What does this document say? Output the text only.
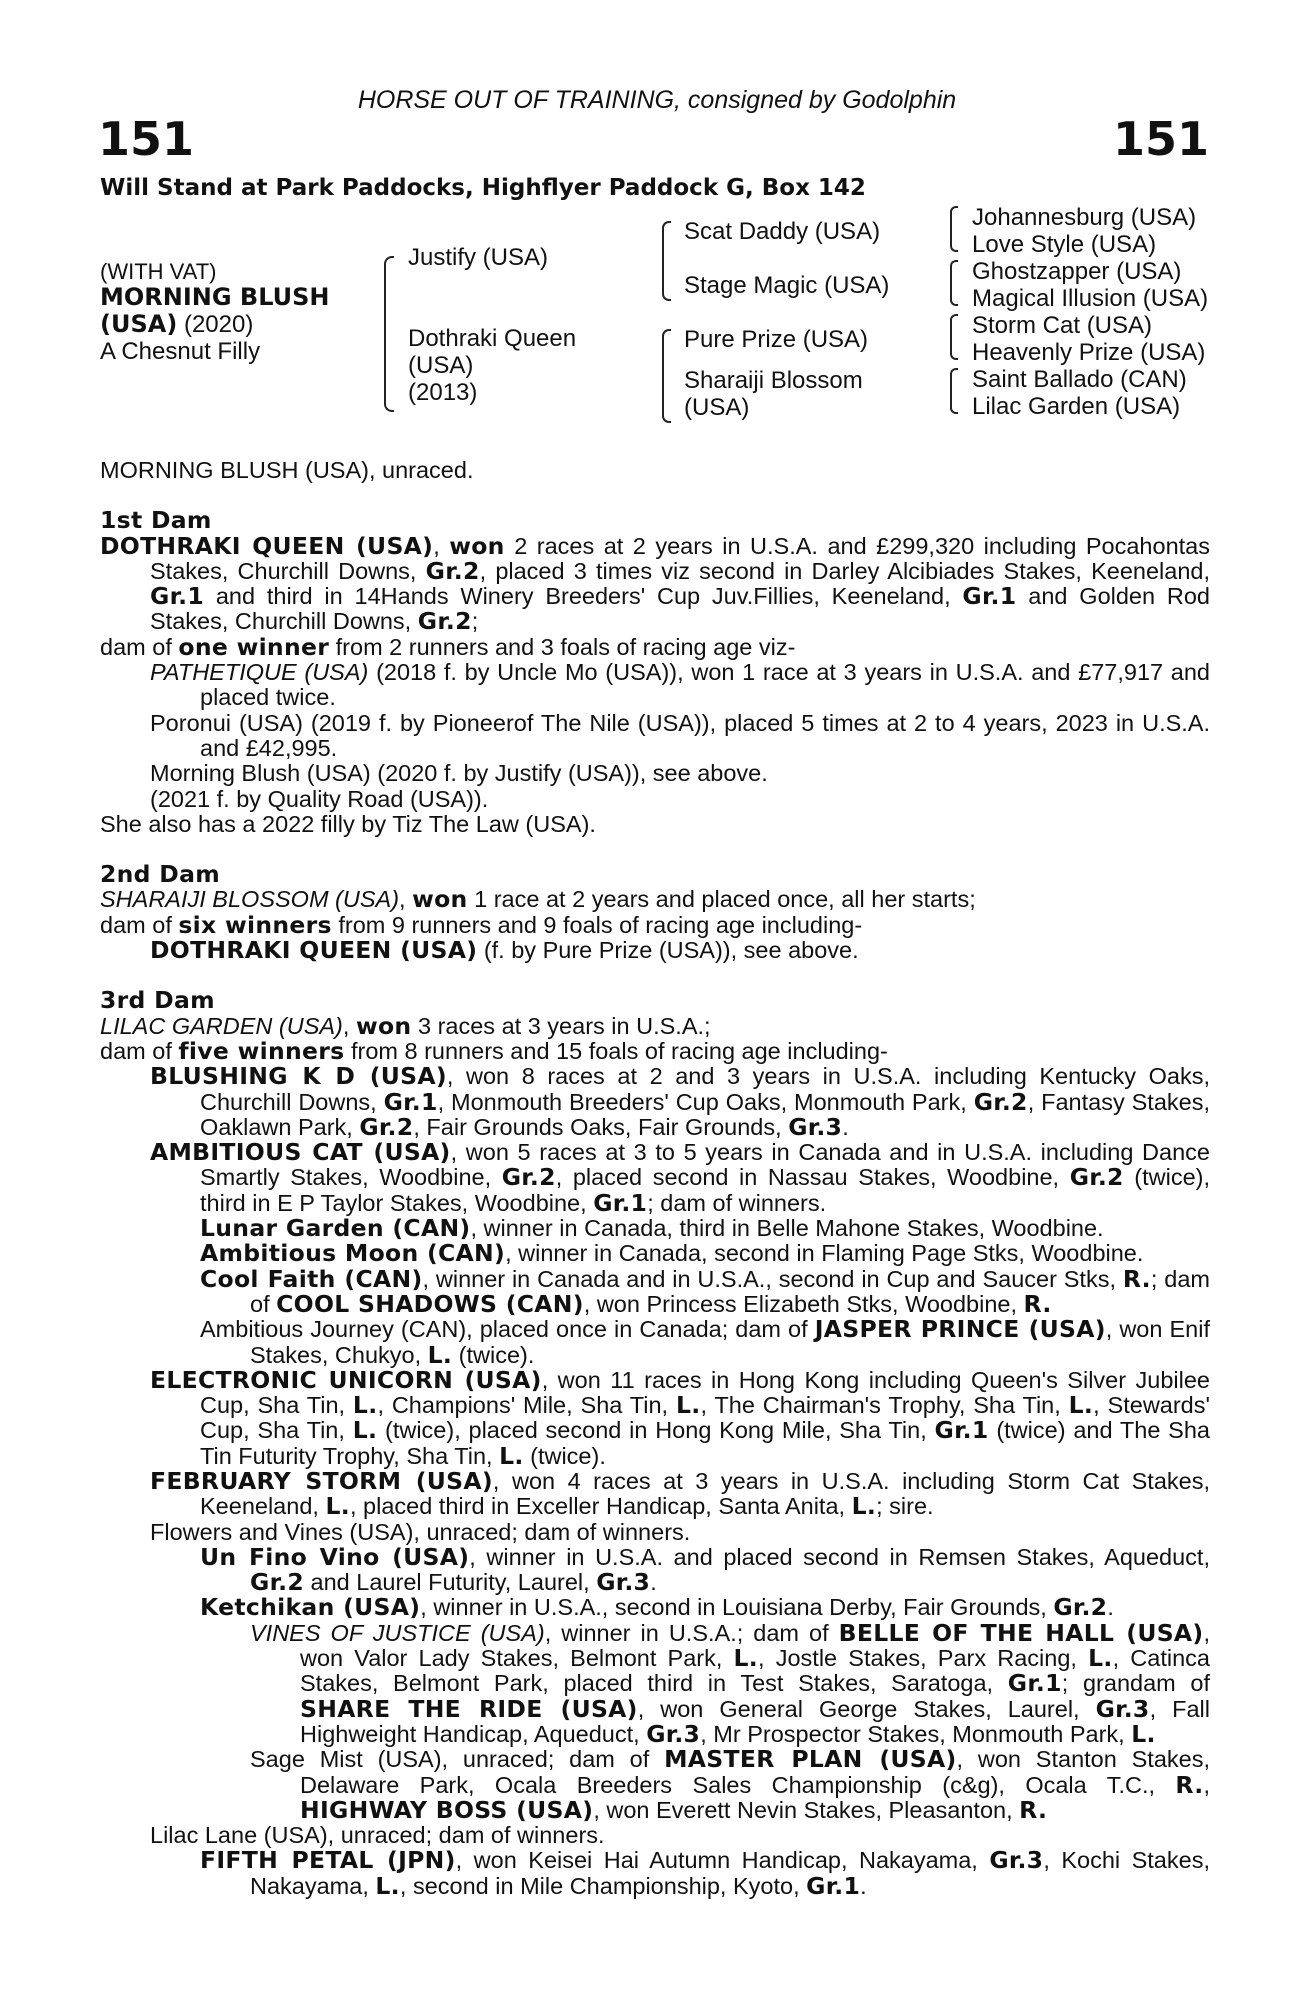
HORSE OUT OF TRAINING, consigned by Godolphin
151	151
Will Stand at Park Paddocks, Highflyer Paddock G, Box 142
(WITH VAT)
MORNING BLUSH
(USA) (2020)
A Chesnut Filly
Justify (USA)
Dothraki Queen
(USA)
(2013)
Scat Daddy (USA)
Stage Magic (USA)
Pure Prize (USA)
Sharaiji Blossom
(USA)
Johannesburg (USA)
Love Style (USA)
Ghostzapper (USA)
Magical Illusion (USA)
Storm Cat (USA)
Heavenly Prize (USA)
Saint Ballado (CAN)
Lilac Garden (USA)

MORNING BLUSH (USA), unraced.

1st Dam

DOTHRAKI QUEEN (USA), won 2 races at 2 years in U.S.A. and £299,320 including Pocahontas Stakes, Churchill Downs, Gr.2, placed 3 times viz second in Darley Alcibiades Stakes, Keeneland, Gr.1 and third in 14Hands Winery Breeders' Cup Juv.Fillies, Keeneland, Gr.1 and Golden Rod Stakes, Churchill Downs, Gr.2;

dam of one winner from 2 runners and 3 foals of racing age viz-

PATHETIQUE (USA) (2018 f. by Uncle Mo (USA)), won 1 race at 3 years in U.S.A. and £77,917 and placed twice.

Poronui (USA) (2019 f. by Pioneerof The Nile (USA)), placed 5 times at 2 to 4 years, 2023 in U.S.A. and £42,995.

Morning Blush (USA) (2020 f. by Justify (USA)), see above.

(2021 f. by Quality Road (USA)).

She also has a 2022 filly by Tiz The Law (USA).

2nd Dam

SHARAIJI BLOSSOM (USA), won 1 race at 2 years and placed once, all her starts;

dam of six winners from 9 runners and 9 foals of racing age including-

DOTHRAKI QUEEN (USA) (f. by Pure Prize (USA)), see above.

3rd Dam

LILAC GARDEN (USA), won 3 races at 3 years in U.S.A.;

dam of five winners from 8 runners and 15 foals of racing age including-

BLUSHING K D (USA), won 8 races at 2 and 3 years in U.S.A. including Kentucky Oaks, Churchill Downs, Gr.1, Monmouth Breeders' Cup Oaks, Monmouth Park, Gr.2, Fantasy Stakes, Oaklawn Park, Gr.2, Fair Grounds Oaks, Fair Grounds, Gr.3.

AMBITIOUS CAT (USA), won 5 races at 3 to 5 years in Canada and in U.S.A. including Dance Smartly Stakes, Woodbine, Gr.2, placed second in Nassau Stakes, Woodbine, Gr.2 (twice), third in E P Taylor Stakes, Woodbine, Gr.1; dam of winners.

Lunar Garden (CAN), winner in Canada, third in Belle Mahone Stakes, Woodbine.

Ambitious Moon (CAN), winner in Canada, second in Flaming Page Stks, Woodbine.

Cool Faith (CAN), winner in Canada and in U.S.A., second in Cup and Saucer Stks, R.; dam of COOL SHADOWS (CAN), won Princess Elizabeth Stks, Woodbine, R.

Ambitious Journey (CAN), placed once in Canada; dam of JASPER PRINCE (USA), won Enif Stakes, Chukyo, L. (twice).

ELECTRONIC UNICORN (USA), won 11 races in Hong Kong including Queen's Silver Jubilee Cup, Sha Tin, L., Champions' Mile, Sha Tin, L., The Chairman's Trophy, Sha Tin, L., Stewards' Cup, Sha Tin, L. (twice), placed second in Hong Kong Mile, Sha Tin, Gr.1 (twice) and The Sha Tin Futurity Trophy, Sha Tin, L. (twice).

FEBRUARY STORM (USA), won 4 races at 3 years in U.S.A. including Storm Cat Stakes, Keeneland, L., placed third in Exceller Handicap, Santa Anita, L.; sire.

Flowers and Vines (USA), unraced; dam of winners.

Un Fino Vino (USA), winner in U.S.A. and placed second in Remsen Stakes, Aqueduct, Gr.2 and Laurel Futurity, Laurel, Gr.3.

Ketchikan (USA), winner in U.S.A., second in Louisiana Derby, Fair Grounds, Gr.2.

VINES OF JUSTICE (USA), winner in U.S.A.; dam of BELLE OF THE HALL (USA), won Valor Lady Stakes, Belmont Park, L., Jostle Stakes, Parx Racing, L., Catinca Stakes, Belmont Park, placed third in Test Stakes, Saratoga, Gr.1; grandam of SHARE THE RIDE (USA), won General George Stakes, Laurel, Gr.3, Fall Highweight Handicap, Aqueduct, Gr.3, Mr Prospector Stakes, Monmouth Park, L.

Sage Mist (USA), unraced; dam of MASTER PLAN (USA), won Stanton Stakes, Delaware Park, Ocala Breeders Sales Championship (c&g), Ocala T.C., R., HIGHWAY BOSS (USA), won Everett Nevin Stakes, Pleasanton, R.

Lilac Lane (USA), unraced; dam of winners.

FIFTH PETAL (JPN), won Keisei Hai Autumn Handicap, Nakayama, Gr.3, Kochi Stakes, Nakayama, L., second in Mile Championship, Kyoto, Gr.1.
